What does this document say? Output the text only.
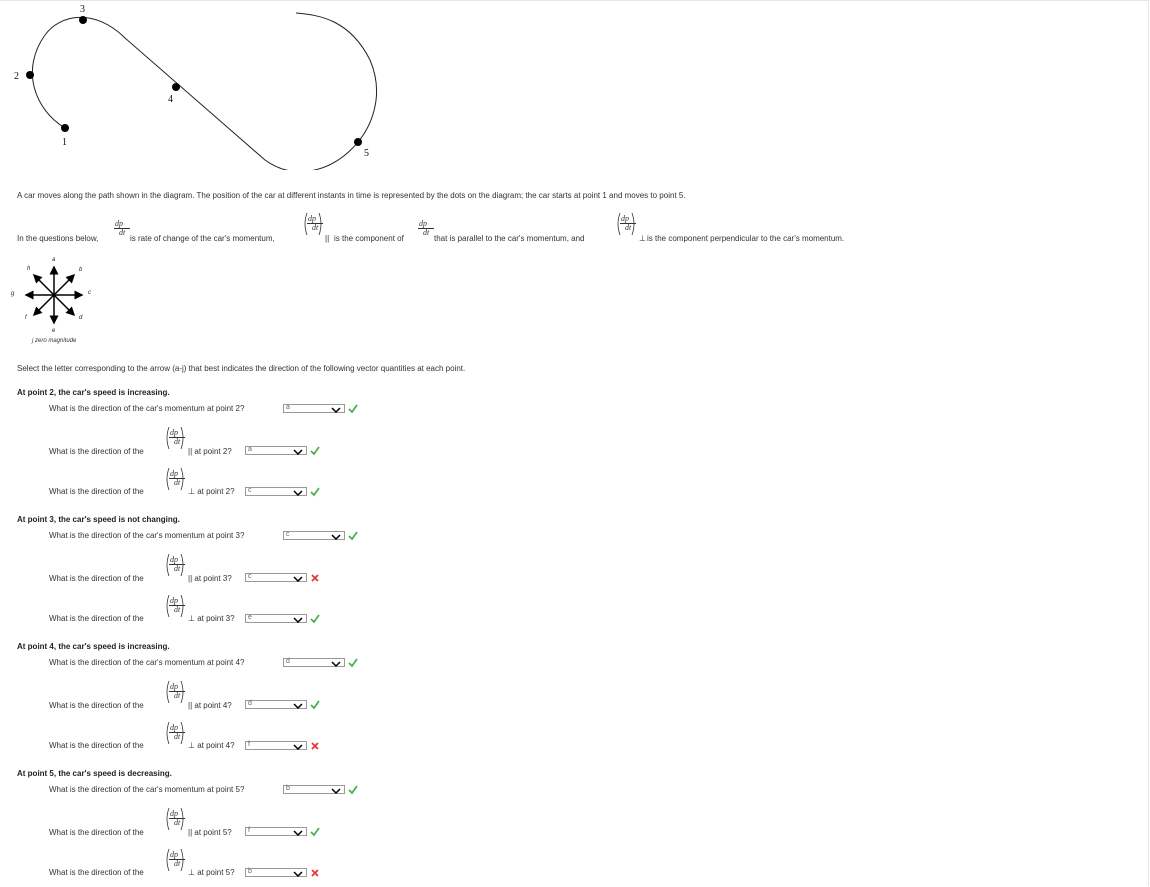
1
2
3
4
5
A car moves along the path shown in the diagram. The position of the car at different instants in time is represented by the dots on the diagram; the car starts at point 1 and moves to point 5.
In the questions below,
$\frac{dp⃗}{dt}$
is rate of change of the car's momentum,
$\frac{dp⃗}{dt}$
|| is the component of
$\frac{dp⃗}{dt}$
that is parallel to the car's momentum, and
$\frac{dp⃗}{dt}$
⊥ is the component perpendicular to the car's momentum.
a
b
c
d
e
f
g
h
j zero magnitude
Select the letter corresponding to the arrow (a-j) that best indicates the direction of the following vector quantities at each point.
At point 2, the car's speed is increasing.
What is the direction of the car's momentum at point 2?	a
$\frac{dp⃗}{dt}$
What is the direction of the	|| at point 2? a
$\frac{dp⃗}{dt}$
What is the direction of the	⊥ at point 2? c
At point 3, the car's speed is not changing.
What is the direction of the car's momentum at point 3?	c
$\frac{dp⃗}{dt}$
What is the direction of the	|| at point 3? c
$\frac{dp⃗}{dt}$
What is the direction of the	⊥ at point 3? e
At point 4, the car's speed is increasing.
What is the direction of the car's momentum at point 4?	d
$\frac{dp⃗}{dt}$
What is the direction of the	|| at point 4? d
$\frac{dp⃗}{dt}$
What is the direction of the	⊥ at point 4? f
At point 5, the car's speed is decreasing.
What is the direction of the car's momentum at point 5?	b
$\frac{dp⃗}{dt}$
What is the direction of the	|| at point 5? f
$\frac{dp⃗}{dt}$
What is the direction of the	⊥ at point 5? b
